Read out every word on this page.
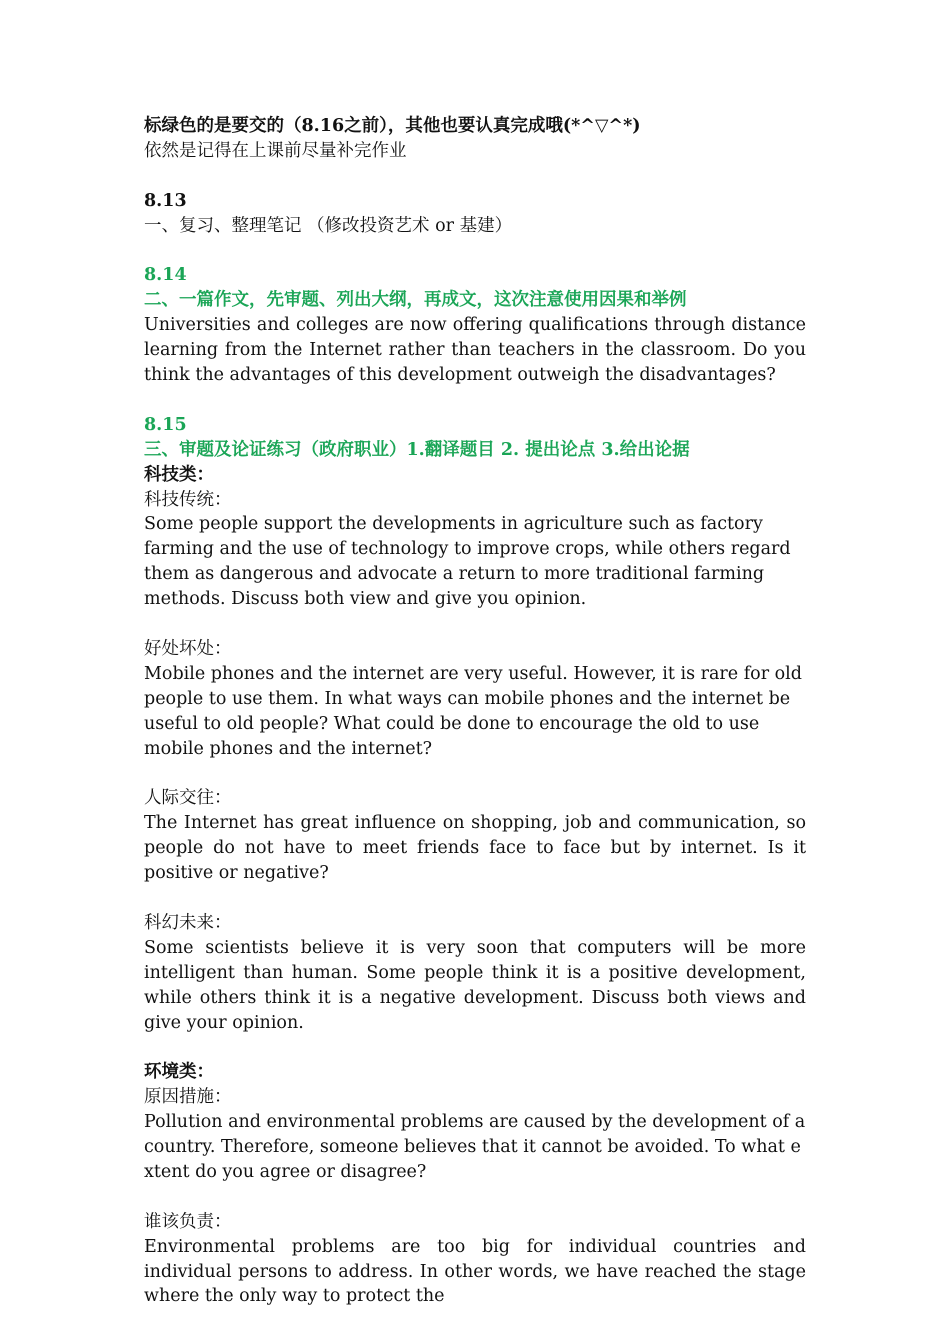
标绿色的是要交的（8.16之前），其他也要认真完成哦(*^▽^*)

依然是记得在上课前尽量补完作业

8.13

一、复习、整理笔记 （修改投资艺术 or 基建）

8.14

二、一篇作文，先审题、列出大纲，再成文，这次注意使用因果和举例

Universities and colleges are now offering qualifications through distance learning from the Internet rather than teachers in the classroom. Do you think the advantages of this development outweigh the disadvantages?

8.15

三、审题及论证练习（政府职业）1.翻译题目 2. 提出论点 3.给出论据

科技类：

科技传统：

Some people support the developments in agriculture such as factory farming and the use of technology to improve crops, while others regard them as dangerous and advocate a return to more traditional farming methods. Discuss both view and give you opinion.

好处坏处：

Mobile phones and the internet are very useful. However, it is rare for old people to use them. In what ways can mobile phones and the internet be useful to old people? What could be done to encourage the old to use mobile phones and the internet?

人际交往：

The Internet has great influence on shopping, job and communication, so people do not have to meet friends face to face but by internet. Is it positive or negative?

科幻未来：

Some scientists believe it is very soon that computers will be more intelligent than human. Some people think it is a positive development, while others think it is a negative development. Discuss both views and give your opinion.

环境类：

原因措施：

Pollution and environmental problems are caused by the development of a country. Therefore, someone believes that it cannot be avoided. To what extent do you agree or disagree?

谁该负责：

Environmental problems are too big for individual countries and individual persons to address. In other words, we have reached the stage where the only way to protect the
